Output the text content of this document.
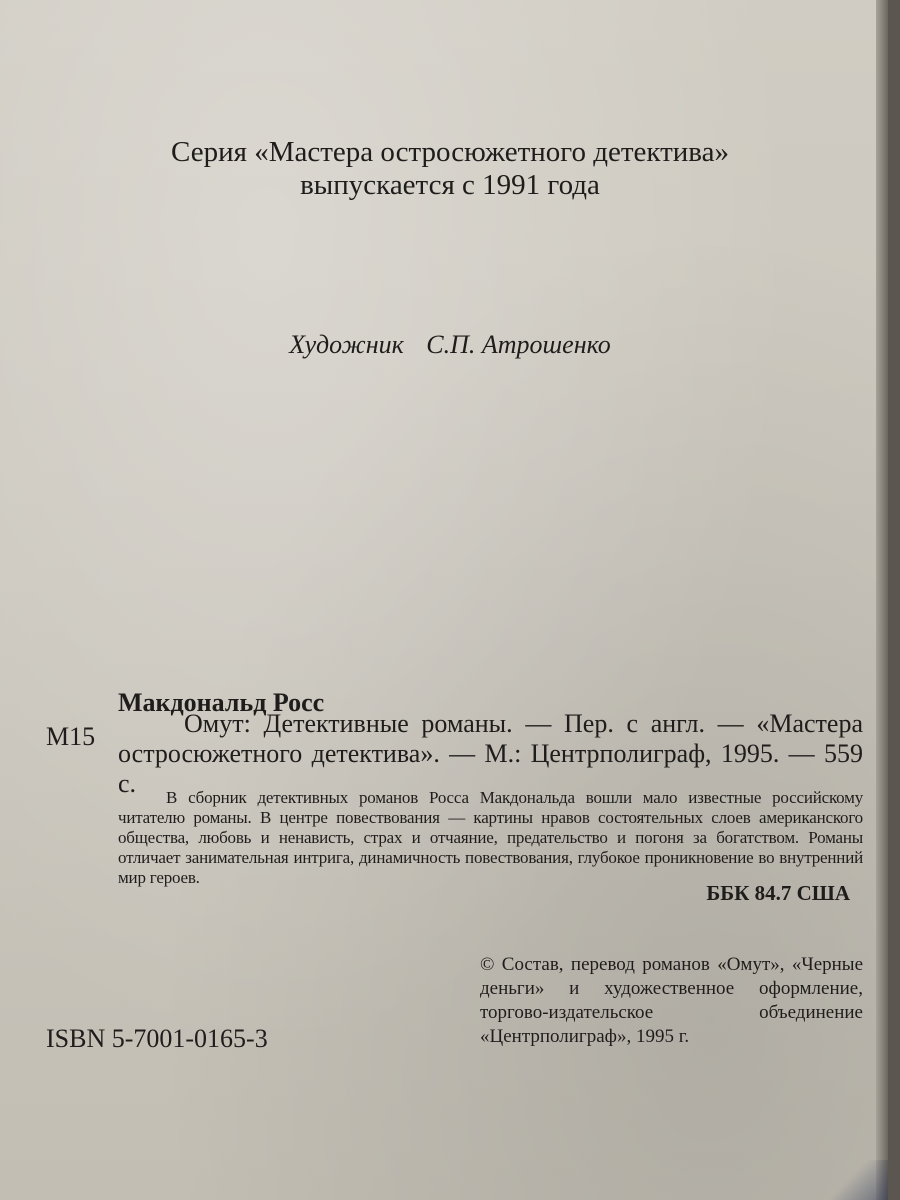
Серия «Мастера остросюжетного детектива»
выпускается с 1991 года
Художник С.П. Атрошенко
М15
Макдональд Росс
Омут: Детективные романы. — Пер. с англ. — «Мастера остросюжетного детектива». — М.: Центрполиграф, 1995. — 559 с.	В сборник детективных романов Росса Макдональда вошли мало известные российскому читателю романы. В центре повествования — картины нравов состоятельных слоев американского общества, любовь и ненависть, страх и отчаяние, предательство и погоня за богатством. Романы отличает занимательная интрига, динамичность повествования, глубокое проникновение во внутренний мир героев.
ББК 84.7 США
© Состав, перевод романов «Омут», «Черные деньги» и художественное оформление, торгово-издательское объединение «Центрполиграф», 1995 г.
ISBN 5-7001-0165-3
